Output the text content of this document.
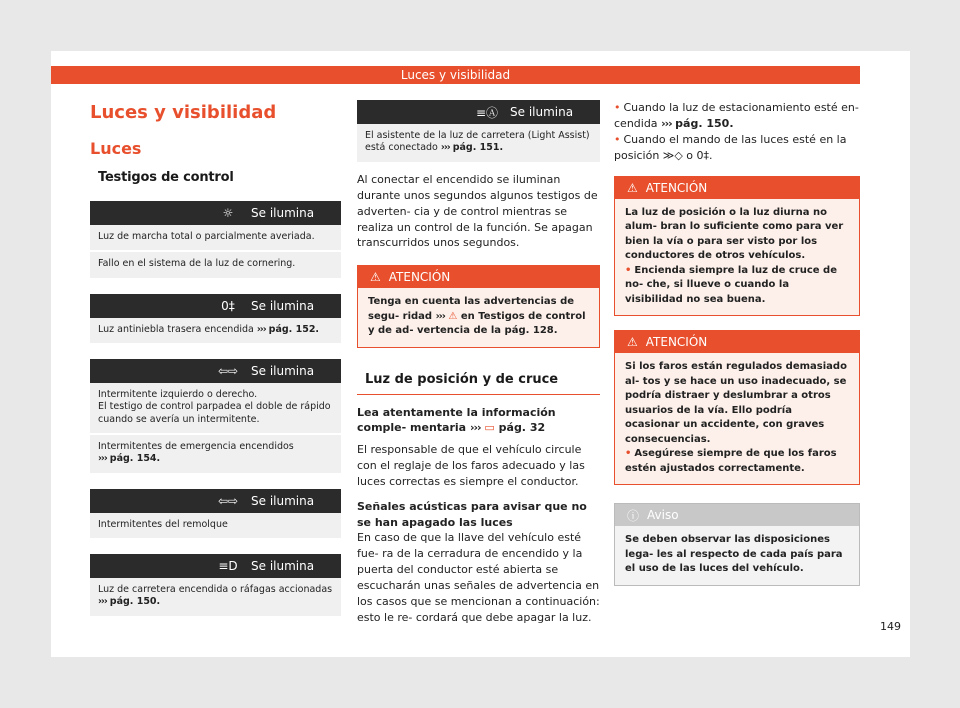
Luces y visibilidad
Luces y visibilidad
Luces
Testigos de control
☼	Se ilumina
Luz de marcha total o parcialmente averiada.
Fallo en el sistema de la luz de cornering.
0‡	Se ilumina
Luz antiniebla trasera encendida ››› pág. 152.
⇦⇨	Se ilumina
Intermitente izquierdo o derecho.
El testigo de control parpadea el doble de rápido
cuando se avería un intermitente.
Intermitentes de emergencia encendidos
››› pág. 154.
⇦⇨	Se ilumina
Intermitentes del remolque
≡D	Se ilumina
Luz de carretera encendida o ráfagas accionadas
››› pág. 150.
≡Ⓐ Se ilumina
El asistente de la luz de carretera (Light Assist) está conectado ››› pág. 151.

Al conectar el encendido se iluminan durante unos segundos algunos testigos de adverten- cia y de control mientras se realiza un control de la función. Se apagan transcurridos unos segundos.

⚠ ATENCIÓN
Tenga en cuenta las advertencias de segu- ridad ››› ⚠ en Testigos de control y de ad- vertencia de la pág. 128.
Luz de posición y de cruce

Lea atentamente la información comple- mentaria ››› ▭ pág. 32

El responsable de que el vehículo circule con el reglaje de los faros adecuado y las luces correctas es siempre el conductor.

Señales acústicas para avisar que no se han apagado las luces

En caso de que la llave del vehículo esté fue- ra de la cerradura de encendido y la puerta del conductor esté abierta se escucharán unas señales de advertencia en los casos que se mencionan a continuación: esto le re- cordará que debe apagar la luz.

• Cuando la luz de estacionamiento esté en- cendida ››› pág. 150.

• Cuando el mando de las luces esté en la posición ≫◇ o 0‡.

⚠ ATENCIÓN
La luz de posición o la luz diurna no alum- bran lo suficiente como para ver bien la vía o para ser visto por los conductores de otros vehículos.
• Encienda siempre la luz de cruce de no- che, si llueve o cuando la visibilidad no sea buena.
⚠ ATENCIÓN
Si los faros están regulados demasiado al- tos y se hace un uso inadecuado, se podría distraer y deslumbrar a otros usuarios de la vía. Ello podría ocasionar un accidente, con graves consecuencias.
• Asegúrese siempre de que los faros estén ajustados correctamente.
ⓘ Aviso
Se deben observar las disposiciones lega- les al respecto de cada país para el uso de las luces del vehículo.
149
